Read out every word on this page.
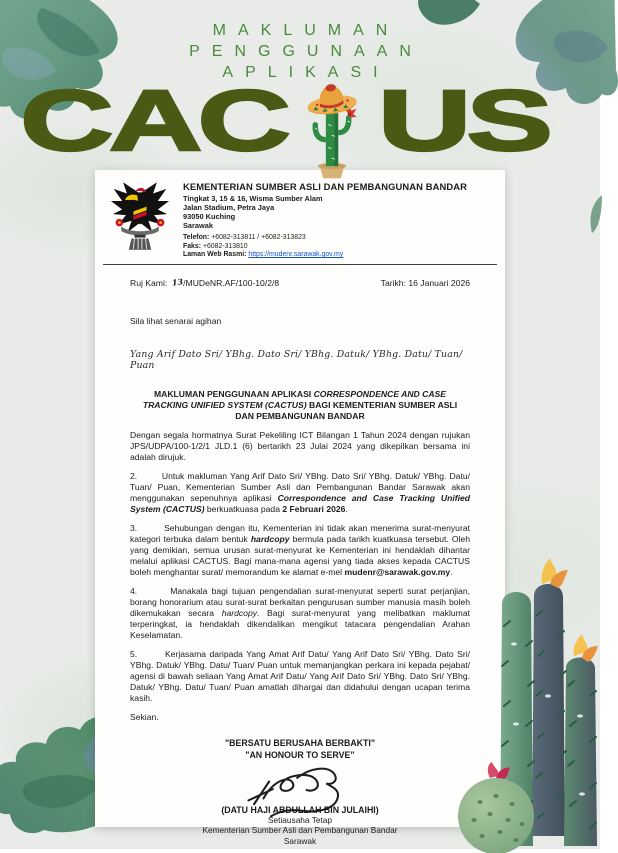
MAKLUMAN
PENGGUNAAN
APLIKASI
CAC US
KEMENTERIAN SUMBER ASLI DAN PEMBANGUNAN BANDAR
Tingkat 3, 15 & 16, Wisma Sumber Alam
Jalan Stadium, Petra Jaya
93050 Kuching
Sarawak
Telefon: +6082-313811 / +6082-313823
Faks: +6082-313810
Laman Web Rasmi: https://mudenr.sarawak.gov.my
Ruj Kami: 13/MUDeNR.AF/100-10/2/8	Tarikh: 16 Januari 2026
Sila lihat senarai agihan
Yang Arif Dato Sri/ YBhg. Dato Sri/ YBhg. Datuk/ YBhg. Datu/ Tuan/ Puan
MAKLUMAN PENGGUNAAN APLIKASI CORRESPONDENCE AND CASE TRACKING UNIFIED SYSTEM (CACTUS) BAGI KEMENTERIAN SUMBER ASLI DAN PEMBANGUNAN BANDAR

Dengan segala hormatnya Surat Pekeliling ICT Bilangan 1 Tahun 2024 dengan rujukan JPS/UDPA/100-1/2/1 JLD.1 (6) bertarikh 23 Julai 2024 yang dikepilkan bersama ini adalah dirujuk.

2.        Untuk makluman Yang Arif Dato Sri/ YBhg. Dato Sri/ YBhg. Datuk/ YBhg. Datu/ Tuan/ Puan, Kementerian Sumber Asli dan Pembangunan Bandar Sarawak akan menggunakan sepenuhnya aplikasi Correspondence and Case Tracking Unified System (CACTUS) berkuatkuasa pada 2 Februari 2026.

3.        Sehubungan dengan itu, Kementerian ini tidak akan menerima surat-menyurat kategori terbuka dalam bentuk hardcopy bermula pada tarikh kuatkuasa tersebut. Oleh yang demikian, semua urusan surat-menyurat ke Kementerian ini hendaklah dihantar melalui aplikasi CACTUS. Bagi mana-mana agensi yang tiada akses kepada CACTUS boleh menghantar surat/ memorandum ke alamat e-mel mudenr@sarawak.gov.my.

4.        Manakala bagi tujuan pengendalian surat-menyurat seperti surat perjanjian, borang honorarium atau surat-surat berkaitan pengurusan sumber manusia masih boleh dikemukakan secara hardcopy. Bagi surat-menyurat yang melibatkan maklumat terperingkat, ia hendaklah dikendalikan mengikut tatacara pengendalian Arahan Keselamatan.

5.        Kerjasama daripada Yang Amat Arif Datu/ Yang Arif Dato Sri/ YBhg. Dato Sri/ YBhg. Datuk/ YBhg. Datu/ Tuan/ Puan untuk memanjangkan perkara ini kepada pejabat/ agensi di bawah seliaan Yang Amat Arif Datu/ Yang Arif Dato Sri/ YBhg. Dato Sri/ YBhg. Datuk/ YBhg. Datu/ Tuan/ Puan amatlah dihargai dan didahului dengan ucapan terima kasih.

Sekian.
"BERSATU BERUSAHA BERBAKTI"
"AN HONOUR TO SERVE”
(DATU HAJI ABDULLAH BIN JULAIHI)
Setiausaha Tetap
Kementerian Sumber Asli dan Pembangunan Bandar
Sarawak
